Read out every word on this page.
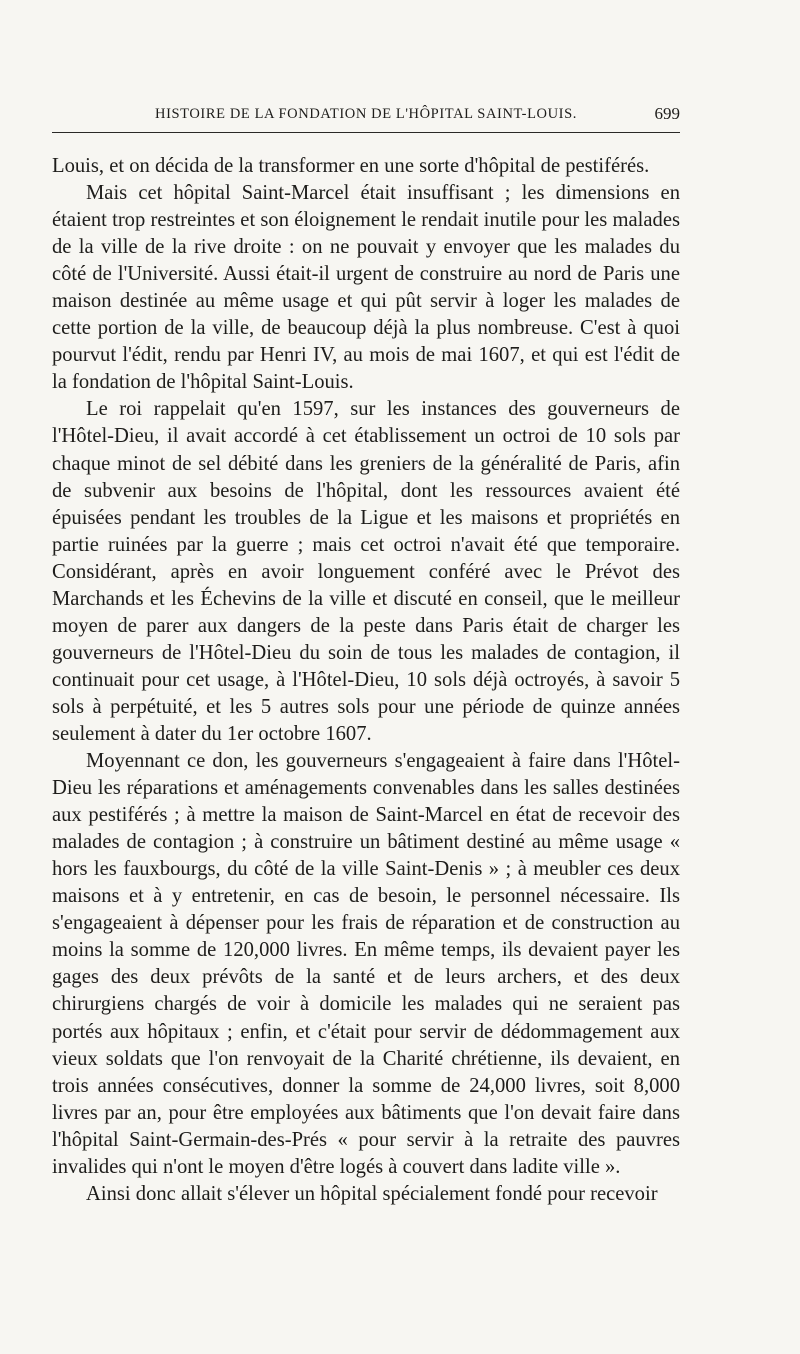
HISTOIRE DE LA FONDATION DE L'HÔPITAL SAINT-LOUIS.	699

Louis, et on décida de la transformer en une sorte d'hôpital de pestiférés.

Mais cet hôpital Saint-Marcel était insuffisant ; les dimensions en étaient trop restreintes et son éloignement le rendait inutile pour les malades de la ville de la rive droite : on ne pouvait y envoyer que les malades du côté de l'Université. Aussi était-il urgent de construire au nord de Paris une maison destinée au même usage et qui pût servir à loger les malades de cette portion de la ville, de beaucoup déjà la plus nombreuse. C'est à quoi pourvut l'édit, rendu par Henri IV, au mois de mai 1607, et qui est l'édit de la fondation de l'hôpital Saint-Louis.

Le roi rappelait qu'en 1597, sur les instances des gouverneurs de l'Hôtel-Dieu, il avait accordé à cet établissement un octroi de 10 sols par chaque minot de sel débité dans les greniers de la généralité de Paris, afin de subvenir aux besoins de l'hôpital, dont les ressources avaient été épuisées pendant les troubles de la Ligue et les maisons et propriétés en partie ruinées par la guerre ; mais cet octroi n'avait été que temporaire. Considérant, après en avoir longuement conféré avec le Prévot des Marchands et les Échevins de la ville et discuté en conseil, que le meilleur moyen de parer aux dangers de la peste dans Paris était de charger les gouverneurs de l'Hôtel-Dieu du soin de tous les malades de contagion, il continuait pour cet usage, à l'Hôtel-Dieu, 10 sols déjà octroyés, à savoir 5 sols à perpétuité, et les 5 autres sols pour une période de quinze années seulement à dater du 1er octobre 1607.

Moyennant ce don, les gouverneurs s'engageaient à faire dans l'Hôtel-Dieu les réparations et aménagements convenables dans les salles destinées aux pestiférés ; à mettre la maison de Saint-Marcel en état de recevoir des malades de contagion ; à construire un bâtiment destiné au même usage « hors les fauxbourgs, du côté de la ville Saint-Denis » ; à meubler ces deux maisons et à y entretenir, en cas de besoin, le personnel nécessaire. Ils s'engageaient à dépenser pour les frais de réparation et de construction au moins la somme de 120,000 livres. En même temps, ils devaient payer les gages des deux prévôts de la santé et de leurs archers, et des deux chirurgiens chargés de voir à domicile les malades qui ne seraient pas portés aux hôpitaux ; enfin, et c'était pour servir de dédommagement aux vieux soldats que l'on renvoyait de la Charité chrétienne, ils devaient, en trois années consécutives, donner la somme de 24,000 livres, soit 8,000 livres par an, pour être employées aux bâtiments que l'on devait faire dans l'hôpital Saint-Germain-des-Prés « pour servir à la retraite des pauvres invalides qui n'ont le moyen d'être logés à couvert dans ladite ville ».

Ainsi donc allait s'élever un hôpital spécialement fondé pour recevoir
